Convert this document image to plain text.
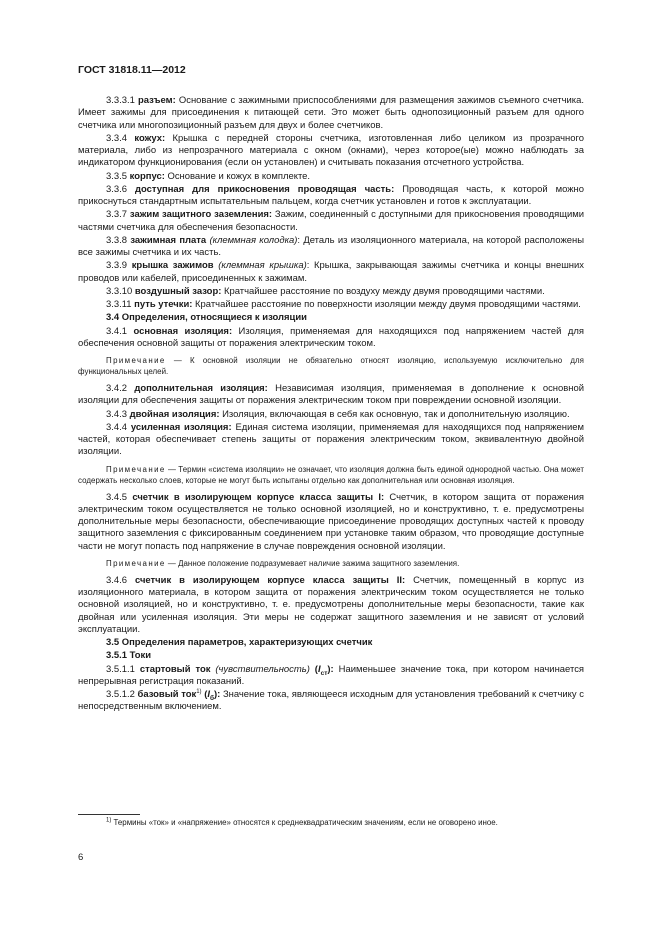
ГОСТ 31818.11—2012

3.3.3.1 разъем: Основание с зажимными приспособлениями для размещения зажимов съемного счетчика. Имеет зажимы для присоединения к питающей сети. Это может быть однопозиционный разъем для одного счетчика или многопозиционный разъем для двух и более счетчиков.

3.3.4 кожух: Крышка с передней стороны счетчика, изготовленная либо целиком из прозрачного материала, либо из непрозрачного материала с окном (окнами), через которое(ые) можно наблюдать за индикатором функционирования (если он установлен) и считывать показания отсчетного устройства.

3.3.5 корпус: Основание и кожух в комплекте.

3.3.6 доступная для прикосновения проводящая часть: Проводящая часть, к которой можно прикоснуться стандартным испытательным пальцем, когда счетчик установлен и готов к эксплуатации.

3.3.7 зажим защитного заземления: Зажим, соединенный с доступными для прикосновения проводящими частями счетчика для обеспечения безопасности.

3.3.8 зажимная плата (клеммная колодка): Деталь из изоляционного материала, на которой расположены все зажимы счетчика и их часть.

3.3.9 крышка зажимов (клеммная крышка): Крышка, закрывающая зажимы счетчика и концы внешних проводов или кабелей, присоединенных к зажимам.

3.3.10 воздушный зазор: Кратчайшее расстояние по воздуху между двумя проводящими частями.

3.3.11 путь утечки: Кратчайшее расстояние по поверхности изоляции между двумя проводящими частями.

3.4 Определения, относящиеся к изоляции

3.4.1 основная изоляция: Изоляция, применяемая для находящихся под напряжением частей для обеспечения основной защиты от поражения электрическим током.

Примечание — К основной изоляции не обязательно относят изоляцию, используемую исключительно для функциональных целей.

3.4.2 дополнительная изоляция: Независимая изоляция, применяемая в дополнение к основной изоляции для обеспечения защиты от поражения электрическим током при повреждении основной изоляции.

3.4.3 двойная изоляция: Изоляция, включающая в себя как основную, так и дополнительную изоляцию.

3.4.4 усиленная изоляция: Единая система изоляции, применяемая для находящихся под напряжением частей, которая обеспечивает степень защиты от поражения электрическим током, эквивалентную двойной изоляции.

Примечание — Термин «система изоляции» не означает, что изоляция должна быть единой однородной частью. Она может содержать несколько слоев, которые не могут быть испытаны отдельно как дополнительная или основная изоляция.

3.4.5 счетчик в изолирующем корпусе класса защиты I: Счетчик, в котором защита от поражения электрическим током осуществляется не только основной изоляцией, но и конструктивно, т. е. предусмотрены дополнительные меры безопасности, обеспечивающие присоединение проводящих доступных частей к проводу защитного заземления с фиксированным соединением при установке таким образом, что проводящие доступные части не могут попасть под напряжение в случае повреждения основной изоляции.

Примечание — Данное положение подразумевает наличие зажима защитного заземления.

3.4.6 счетчик в изолирующем корпусе класса защиты II: Счетчик, помещенный в корпус из изоляционного материала, в котором защита от поражения электрическим током осуществляется не только основной изоляцией, но и конструктивно, т. е. предусмотрены дополнительные меры безопасности, такие как двойная или усиленная изоляция. Эти меры не содержат защитного заземления и не зависят от условий эксплуатации.

3.5 Определения параметров, характеризующих счетчик

3.5.1 Токи

3.5.1.1 стартовый ток (чувствительность) $(I_{ст})$: Наименьшее значение тока, при котором начинается непрерывная регистрация показаний.

3.5.1.2 базовый ток$^{1)}$ $(I_б)$: Значение тока, являющееся исходным для установления требований к счетчику с непосредственным включением.

$^{1)}$ Термины «ток» и «напряжение» относятся к среднеквадратическим значениям, если не оговорено иное.
6
